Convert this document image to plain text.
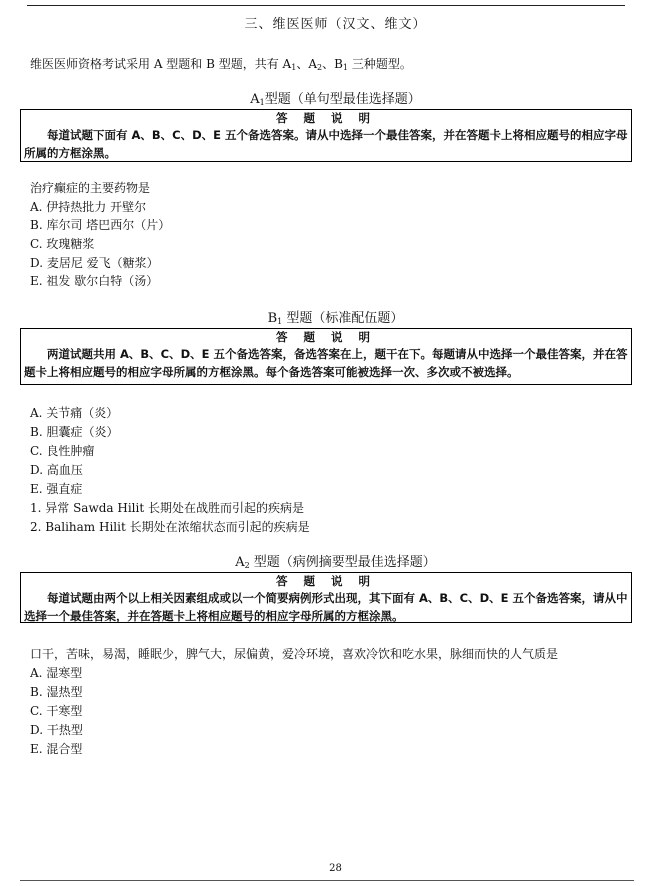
三、维医医师（汉文、维文）
维医医师资格考试采用 A 型题和 B 型题，共有 $A_1$、$A_2$、$B_1$ 三种题型。
$A_1$型题（单句型最佳选择题）
答 题 说 明
每道试题下面有 A、B、C、D、E 五个备选答案。请从中选择一个最佳答案，并在答题卡上将相应题号的相应字母所属的方框涂黑。
治疗癫症的主要药物是
A. 伊持热批力 开壁尔
B. 库尔司 塔巴西尔（片）
C. 玫瑰糖浆
D. 麦居尼 爱飞（糖浆）
E. 祖发 歇尔白特（汤）
$B_1$ 型题（标准配伍题）
答 题 说 明
两道试题共用 A、B、C、D、E 五个备选答案，备选答案在上，题干在下。每题请从中选择一个最佳答案，并在答题卡上将相应题号的相应字母所属的方框涂黑。每个备选答案可能被选择一次、多次或不被选择。
A. 关节痛（炎）
B. 胆囊症（炎）
C. 良性肿瘤
D. 高血压
E. 强直症
1. 异常 Sawda Hilit 长期处在战胜而引起的疾病是
2. Baliham Hilit 长期处在浓缩状态而引起的疾病是
$A_2$ 型题（病例摘要型最佳选择题）
答 题 说 明
每道试题由两个以上相关因素组成或以一个简要病例形式出现，其下面有 A、B、C、D、E 五个备选答案，请从中选择一个最佳答案，并在答题卡上将相应题号的相应字母所属的方框涂黑。
口干，苦味，易渴，睡眠少，脾气大，尿偏黄，爱冷环境，喜欢冷饮和吃水果，脉细而快的人气质是
A. 湿寒型
B. 湿热型
C. 干寒型
D. 干热型
E. 混合型
28
